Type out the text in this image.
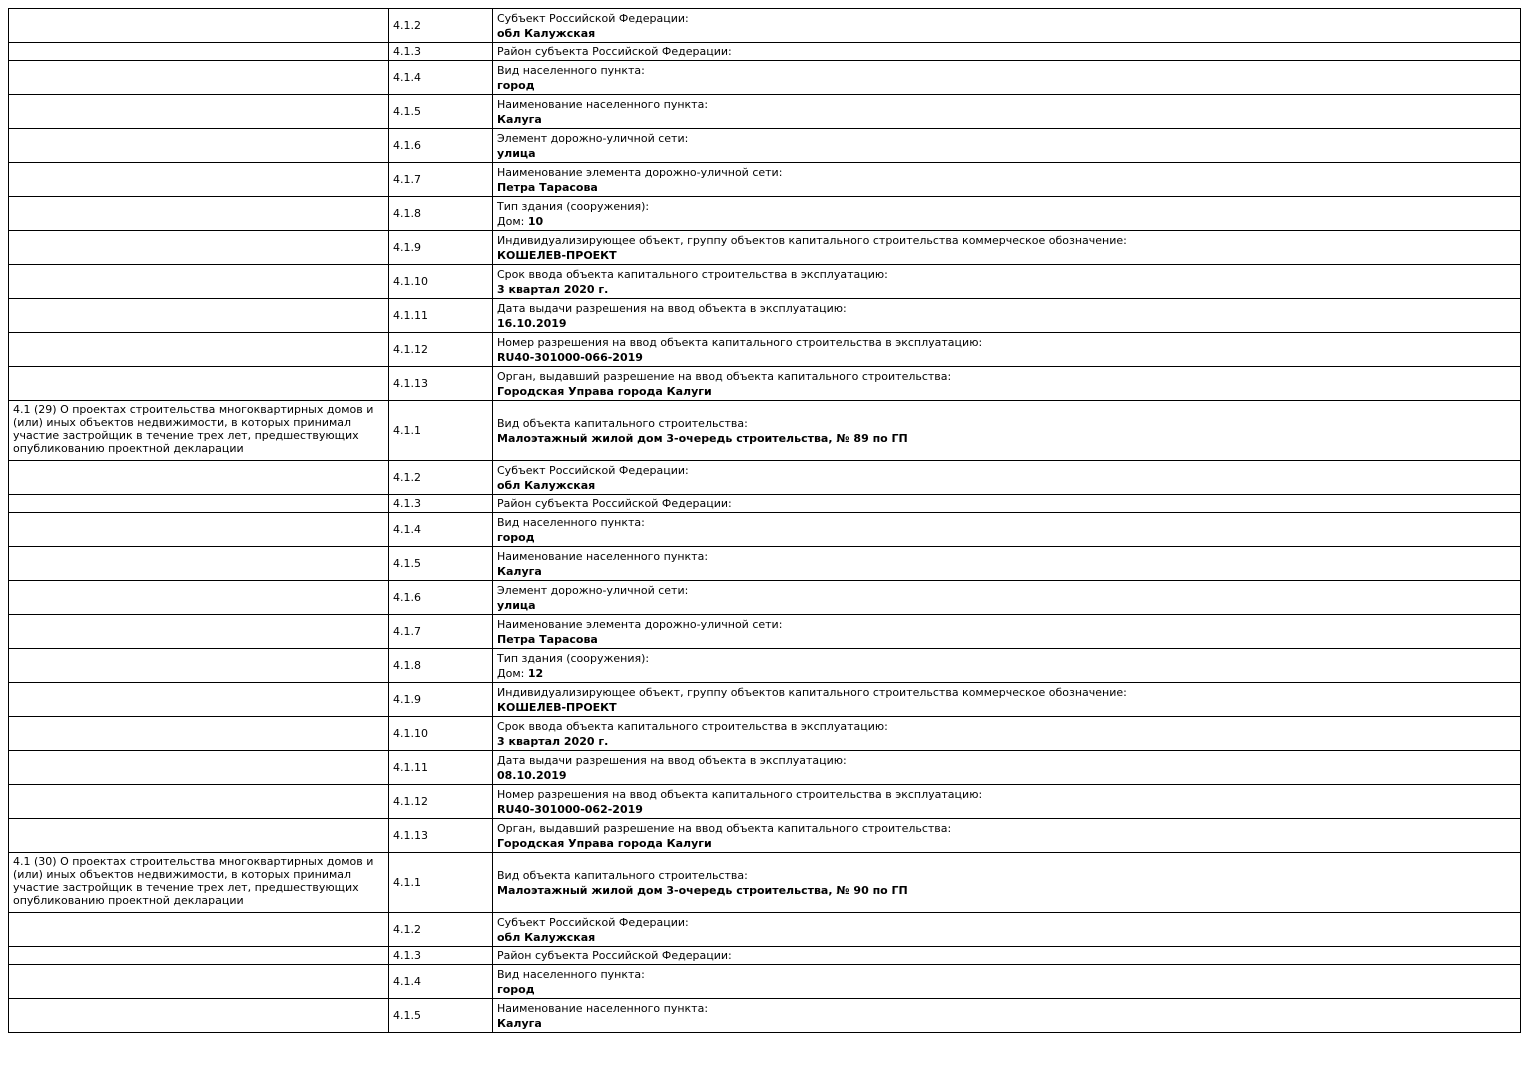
	4.1.2	Субъект Российской Федерации:
обл Калужская

	4.1.3	Район субъекта Российской Федерации:

	4.1.4	Вид населенного пункта:
город

	4.1.5	Наименование населенного пункта:
Калуга

	4.1.6	Элемент дорожно-уличной сети:
улица

	4.1.7	Наименование элемента дорожно-уличной сети:
Петра Тарасова

	4.1.8	Тип здания (сооружения):
Дом: 10

	4.1.9	Индивидуализирующее объект, группу объектов капитального строительства коммерческое обозначение:
КОШЕЛЕВ-ПРОЕКТ

	4.1.10	Срок ввода объекта капитального строительства в эксплуатацию:
3 квартал 2020 г.

	4.1.11	Дата выдачи разрешения на ввод объекта в эксплуатацию:
16.10.2019

	4.1.12	Номер разрешения на ввод объекта капитального строительства в эксплуатацию:
RU40-301000-066-2019

	4.1.13	Орган, выдавший разрешение на ввод объекта капитального строительства:
Городская Управа города Калуги

4.1 (29) О проектах строительства многоквартирных домов и (или) иных объектов недвижимости, в которых принимал участие застройщик в течение трех лет, предшествующих опубликованию проектной декларации	4.1.1	Вид объекта капитального строительства:
Малоэтажный жилой дом 3-очередь строительства, № 89 по ГП

	4.1.2	Субъект Российской Федерации:
обл Калужская

	4.1.3	Район субъекта Российской Федерации:

	4.1.4	Вид населенного пункта:
город

	4.1.5	Наименование населенного пункта:
Калуга

	4.1.6	Элемент дорожно-уличной сети:
улица

	4.1.7	Наименование элемента дорожно-уличной сети:
Петра Тарасова

	4.1.8	Тип здания (сооружения):
Дом: 12

	4.1.9	Индивидуализирующее объект, группу объектов капитального строительства коммерческое обозначение:
КОШЕЛЕВ-ПРОЕКТ

	4.1.10	Срок ввода объекта капитального строительства в эксплуатацию:
3 квартал 2020 г.

	4.1.11	Дата выдачи разрешения на ввод объекта в эксплуатацию:
08.10.2019

	4.1.12	Номер разрешения на ввод объекта капитального строительства в эксплуатацию:
RU40-301000-062-2019

	4.1.13	Орган, выдавший разрешение на ввод объекта капитального строительства:
Городская Управа города Калуги

4.1 (30) О проектах строительства многоквартирных домов и (или) иных объектов недвижимости, в которых принимал участие застройщик в течение трех лет, предшествующих опубликованию проектной декларации	4.1.1	Вид объекта капитального строительства:
Малоэтажный жилой дом 3-очередь строительства, № 90 по ГП

	4.1.2	Субъект Российской Федерации:
обл Калужская

	4.1.3	Район субъекта Российской Федерации:

	4.1.4	Вид населенного пункта:
город

	4.1.5	Наименование населенного пункта:
Калуга
